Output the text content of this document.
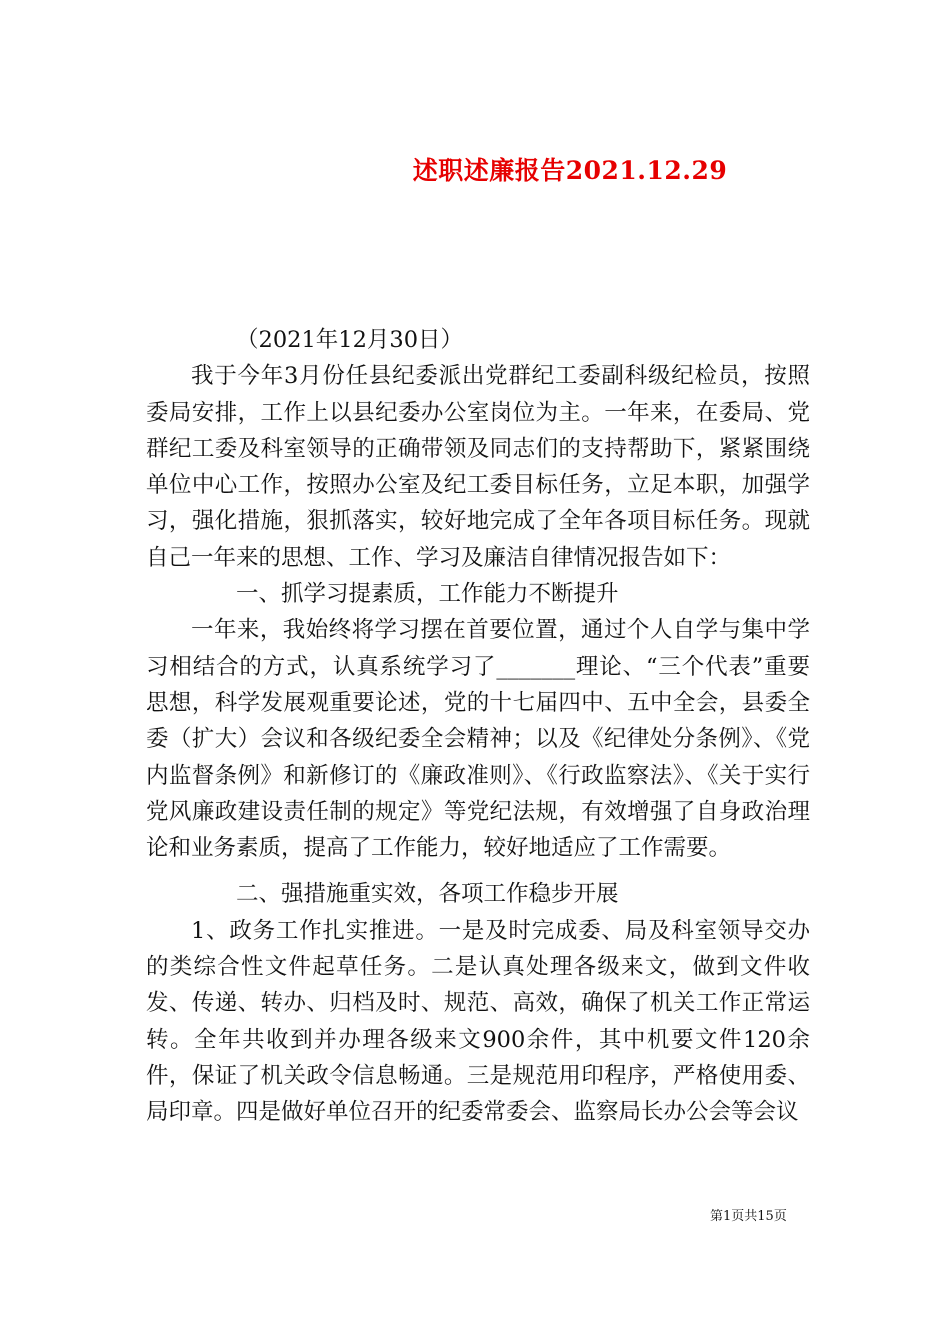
述职述廉报告2021.12.29

（2021年12月30日）

我于今年3月份任县纪委派出党群纪工委副科级纪检员，按照委局安排，工作上以县纪委办公室岗位为主。一年来，在委局、党群纪工委及科室领导的正确带领及同志们的支持帮助下，紧紧围绕单位中心工作，按照办公室及纪工委目标任务，立足本职，加强学习，强化措施，狠抓落实，较好地完成了全年各项目标任务。现就自己一年来的思想、工作、学习及廉洁自律情况报告如下：

一、抓学习提素质，工作能力不断提升

一年来，我始终将学习摆在首要位置，通过个人自学与集中学习相结合的方式，认真系统学习了_______理论、“三个代表”重要思想，科学发展观重要论述，党的十七届四中、五中全会，县委全委（扩大）会议和各级纪委全会精神；以及《纪律处分条例》、《党内监督条例》和新修订的《廉政准则》、《行政监察法》、《关于实行党风廉政建设责任制的规定》等党纪法规，有效增强了自身政治理论和业务素质，提高了工作能力，较好地适应了工作需要。

二、强措施重实效，各项工作稳步开展

1、政务工作扎实推进。一是及时完成委、局及科室领导交办的类综合性文件起草任务。二是认真处理各级来文，做到文件收发、传递、转办、归档及时、规范、高效，确保了机关工作正常运转。全年共收到并办理各级来文900余件，其中机要文件120余件，保证了机关政令信息畅通。三是规范用印程序，严格使用委、局印章。四是做好单位召开的纪委常委会、监察局长办公会等会议

第1页共15页
